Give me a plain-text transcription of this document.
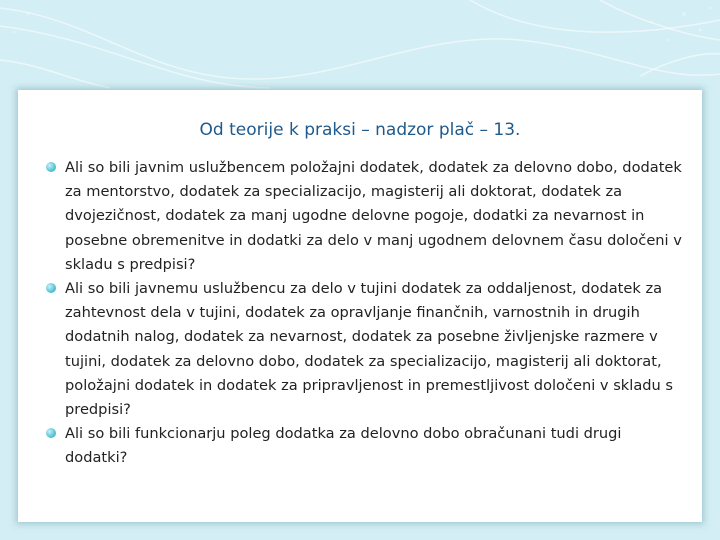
Od teorije k praksi – nadzor plač – 13.
Ali so bili javnim uslužbencem položajni dodatek, dodatek za delovno dobo, dodatek za mentorstvo, dodatek za specializacijo, magisterij ali doktorat, dodatek za dvojezičnost, dodatek za manj ugodne delovne pogoje, dodatki za nevarnost in posebne obremenitve in dodatki za delo v manj ugodnem delovnem času določeni v skladu s predpisi?
Ali so bili javnemu uslužbencu za delo v tujini dodatek za oddaljenost, dodatek za zahtevnost dela v tujini, dodatek za opravljanje finančnih, varnostnih in drugih dodatnih nalog, dodatek za nevarnost, dodatek za posebne življenjske razmere v tujini, dodatek za delovno dobo, dodatek za specializacijo, magisterij ali doktorat, položajni dodatek in dodatek za pripravljenost in premestljivost določeni v skladu s predpisi?
Ali so bili funkcionarju poleg dodatka za delovno dobo obračunani tudi drugi dodatki?
